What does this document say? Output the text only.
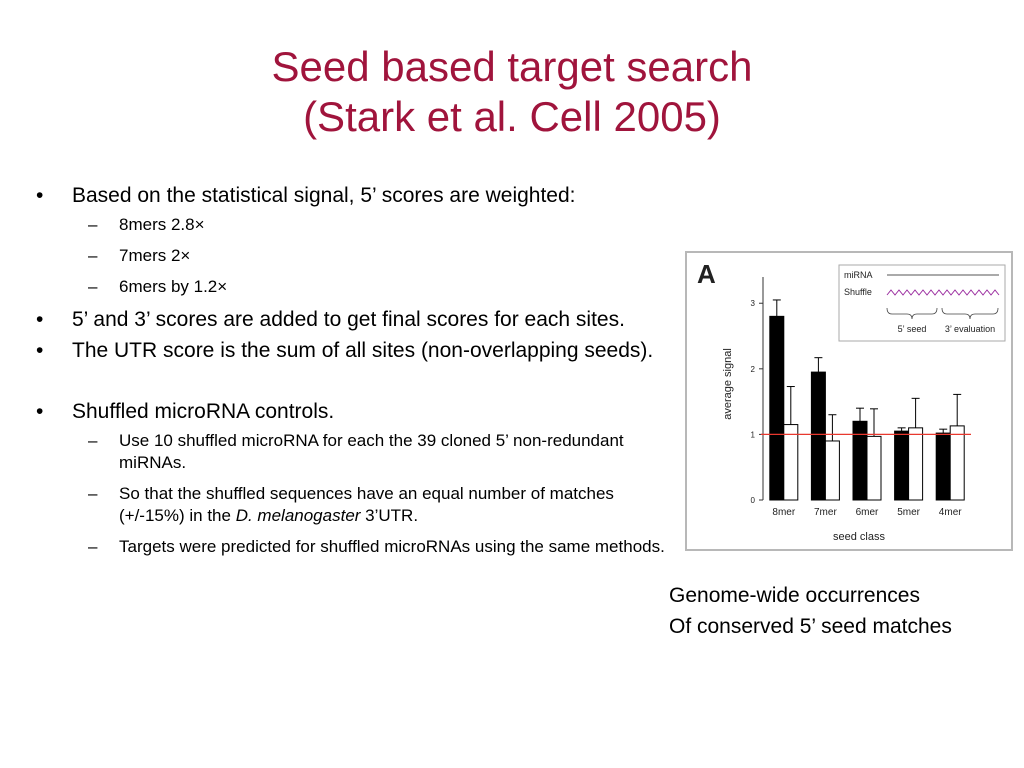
Seed based target search
(Stark et al. Cell 2005)
• Based on the statistical signal, 5’ scores are weighted:
– 8mers 2.8×
– 7mers 2×
– 6mers by 1.2×
• 5’ and 3’ scores are added to get final scores for each sites.
• The UTR score is the sum of all sites (non-overlapping seeds).
• Shuffled microRNA controls.
– Use 10 shuffled microRNA for each the 39 cloned 5’ non-redundant miRNAs.
– So that the shuffled sequences have an equal number of matches (+/-15%) in the D. melanogaster 3’UTR.
– Targets were predicted for shuffled microRNAs using the same methods.
A
0
1
2
3
8mer 7mer 6mer 5mer 4mer
average signal
seed class
miRNA
Shuffle
5’ seed 3’ evaluation
Genome-wide occurrences
Of conserved 5’ seed matches
